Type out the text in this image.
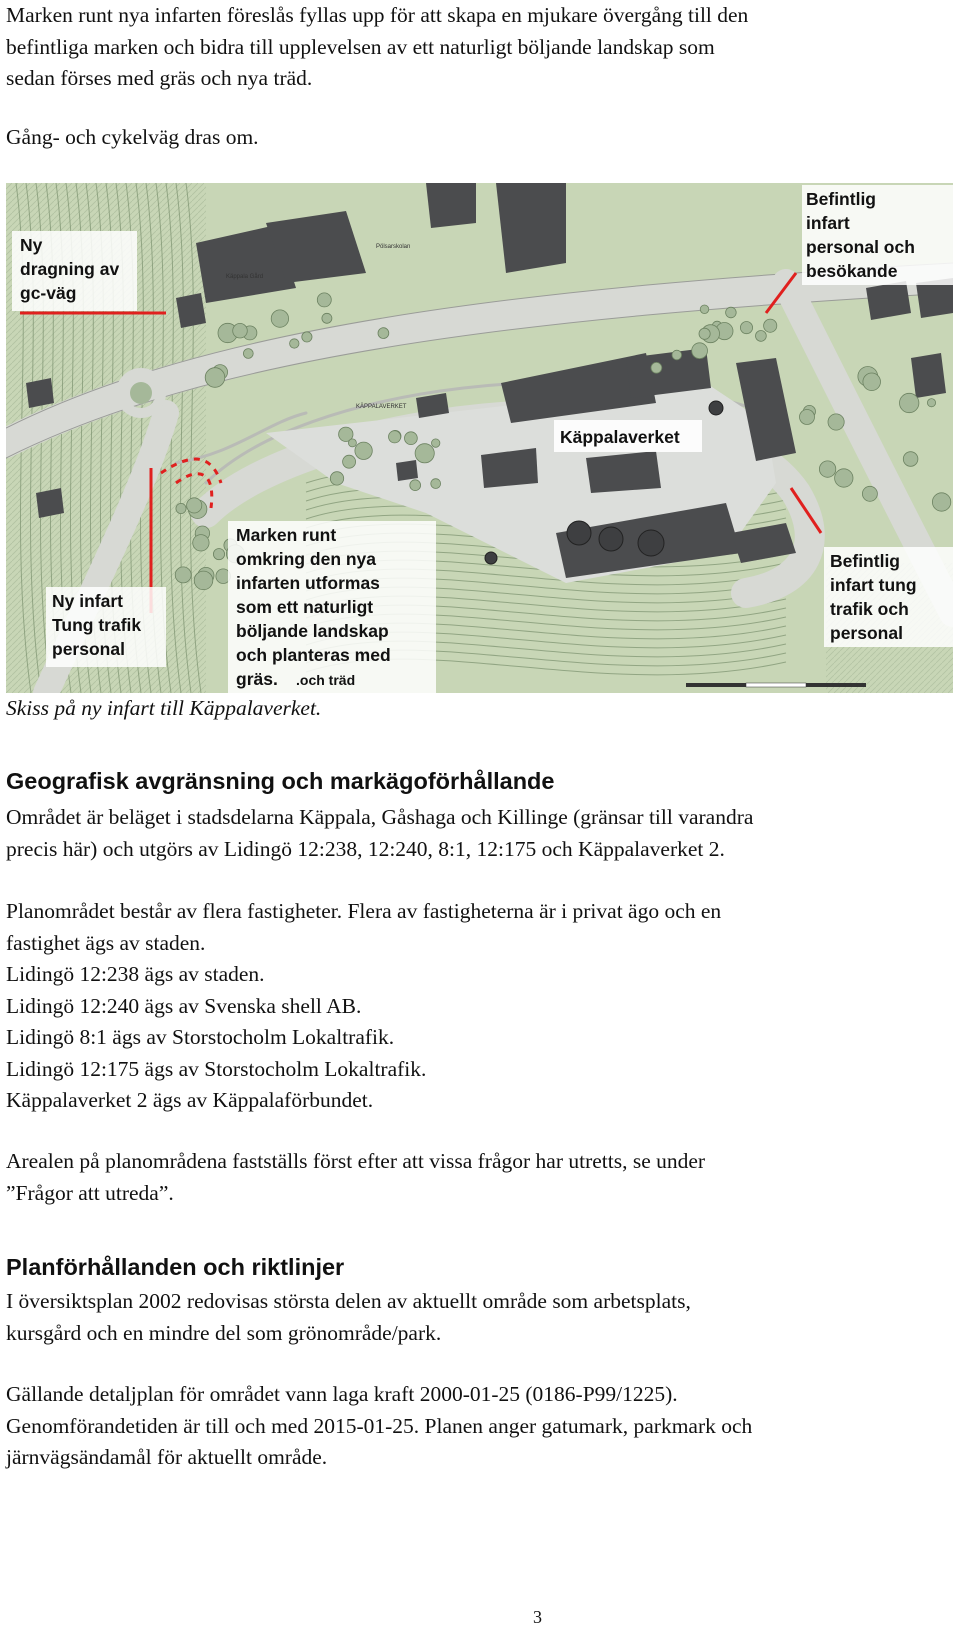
Marken runt nya infarten föreslås fyllas upp för att skapa en mjukare övergång till den
befintliga marken och bidra till upplevelsen av ett naturligt böljande landskap som
sedan förses med gräs och nya träd.

Gång- och cykelväg dras om.

Pölsarskolan
Käppala Gård
KÄPPALAVERKET
Ny
dragning av
gc-väg
Befintlig
infart
personal och
besökande
Käppalaverket
Ny infart
Tung trafik
personal
Marken runt
omkring den nya
infarten utformas
som ett naturligt
böljande landskap
och planteras med
gräs. .och träd
Befintlig
infart tung
trafik och
personal

Skiss på ny infart till Käppalaverket.

Geografisk avgränsning och markägoförhållande

Området är beläget i stadsdelarna Käppala, Gåshaga och Killinge (gränsar till varandra
precis här) och utgörs av Lidingö 12:238, 12:240, 8:1, 12:175 och Käppalaverket 2.

Planområdet består av flera fastigheter. Flera av fastigheterna är i privat ägo och en
fastighet ägs av staden.
Lidingö 12:238 ägs av staden.
Lidingö 12:240 ägs av Svenska shell AB.
Lidingö 8:1 ägs av Storstocholm Lokaltrafik.
Lidingö 12:175 ägs av Storstocholm Lokaltrafik.
Käppalaverket 2 ägs av Käppalaförbundet.

Arealen på planområdena fastställs först efter att vissa frågor har utretts, se under
”Frågor att utreda”.

Planförhållanden och riktlinjer

I översiktsplan 2002 redovisas största delen av aktuellt område som arbetsplats,
kursgård och en mindre del som grönområde/park.

Gällande detaljplan för området vann laga kraft 2000-01-25 (0186-P99/1225).
Genomförandetiden är till och med 2015-01-25. Planen anger gatumark, parkmark och
järnvägsändamål för aktuellt område.

3
